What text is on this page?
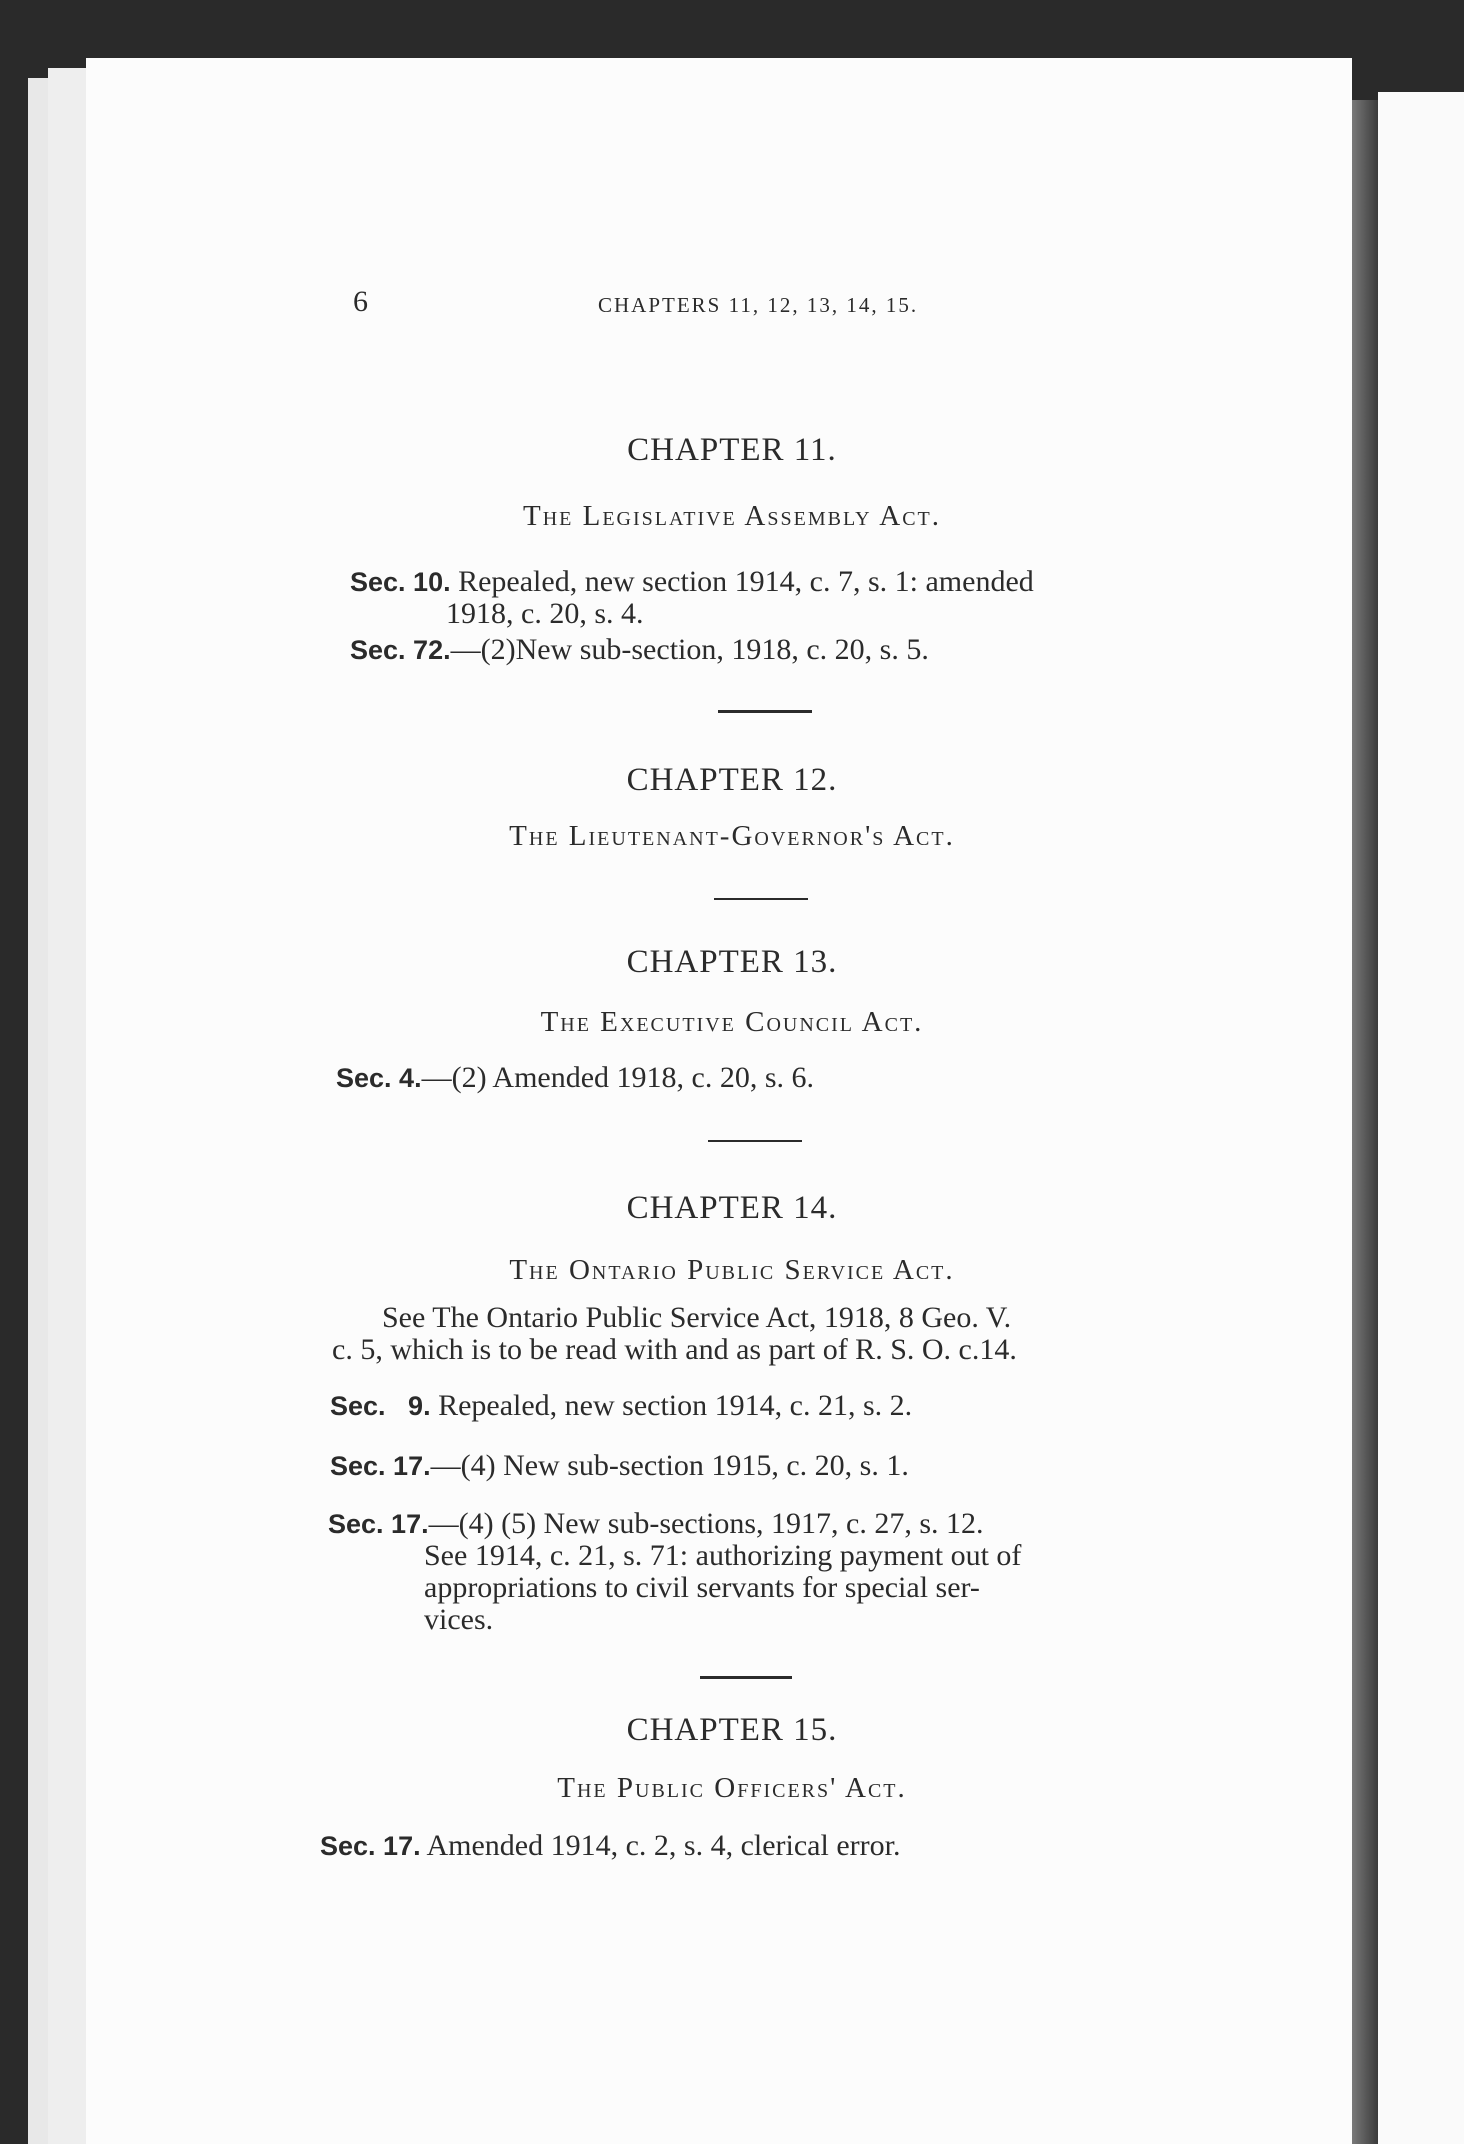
6	CHAPTERS 11, 12, 13, 14, 15.
CHAPTER 11.
The Legislative Assembly Act.
Sec. 10. Repealed, new section 1914, c. 7, s. 1: amended
1918, c. 20, s. 4.
Sec. 72.—(2)New sub-section, 1918, c. 20, s. 5.
CHAPTER 12.
The Lieutenant-Governor's Act.
CHAPTER 13.
The Executive Council Act.
Sec. 4.—(2) Amended 1918, c. 20, s. 6.
CHAPTER 14.
The Ontario Public Service Act.
See The Ontario Public Service Act, 1918, 8 Geo. V.
c. 5, which is to be read with and as part of R. S. O. c.14.
Sec. 9. Repealed, new section 1914, c. 21, s. 2.
Sec. 17.—(4) New sub-section 1915, c. 20, s. 1.
Sec. 17.—(4) (5) New sub-sections, 1917, c. 27, s. 12.
See 1914, c. 21, s. 71: authorizing payment out of
appropriations to civil servants for special ser-
vices.
CHAPTER 15.
The Public Officers' Act.
Sec. 17. Amended 1914, c. 2, s. 4, clerical error.
